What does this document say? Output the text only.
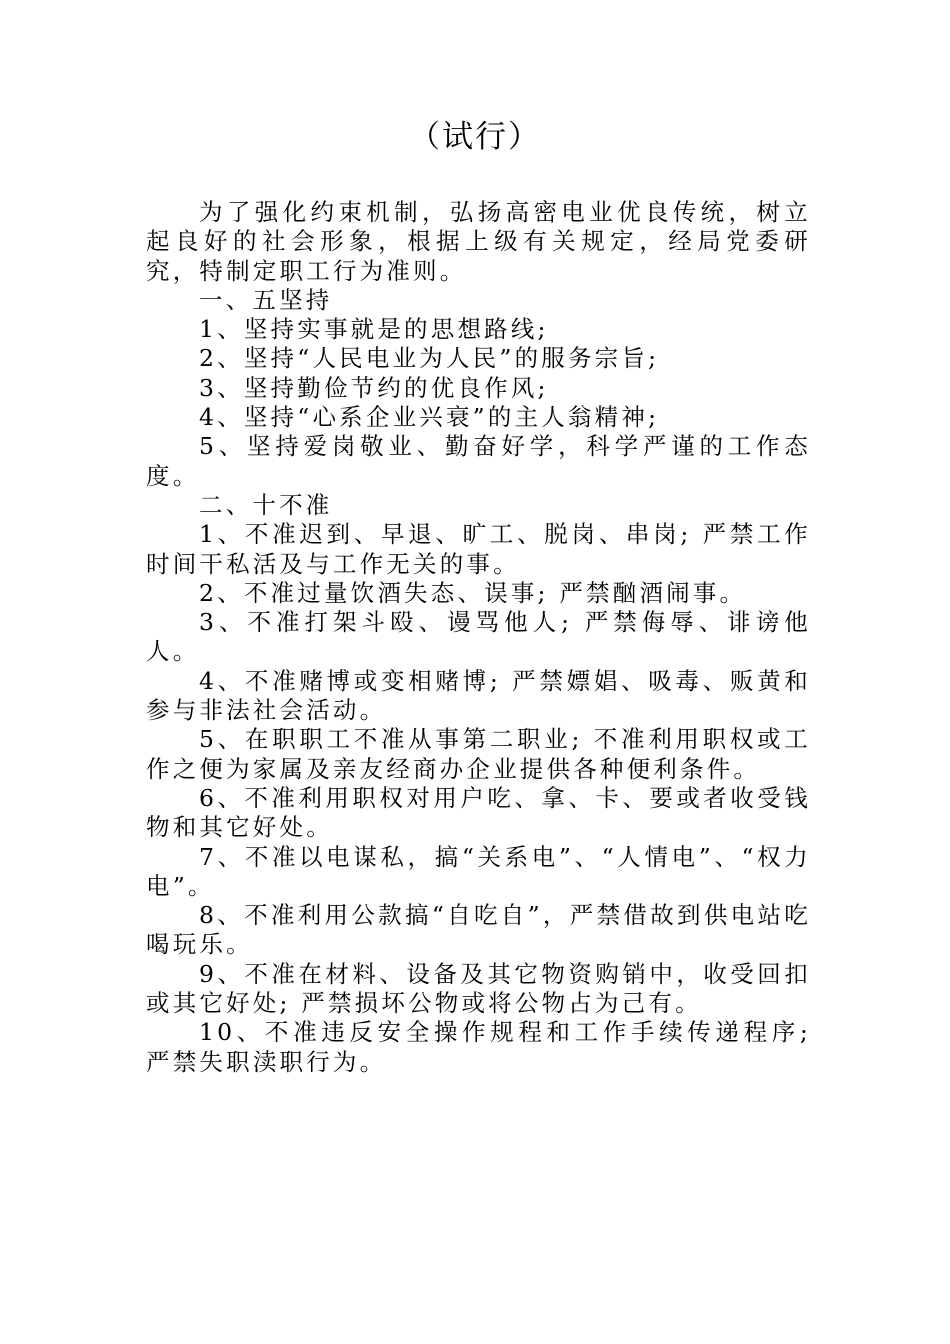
（试行）

为了强化约束机制，弘扬高密电业优良传统，树立起良好的社会形象，根据上级有关规定，经局党委研究，特制定职工行为准则。

一、五坚持

1、坚持实事就是的思想路线;

2、坚持“人民电业为人民”的服务宗旨;

3、坚持勤俭节约的优良作风;

4、坚持“心系企业兴衰”的主人翁精神;

5、坚持爱岗敬业、勤奋好学，科学严谨的工作态度。

二、十不准

1、不准迟到、早退、旷工、脱岗、串岗; 严禁工作时间干私活及与工作无关的事。

2、不准过量饮酒失态、误事; 严禁酗酒闹事。

3、不准打架斗殴、谩骂他人; 严禁侮辱、诽谤他人。

4、不准赌博或变相赌博; 严禁嫖娼、吸毒、贩黄和参与非法社会活动。

5、在职职工不准从事第二职业; 不准利用职权或工作之便为家属及亲友经商办企业提供各种便利条件。

6、不准利用职权对用户吃、拿、卡、要或者收受钱物和其它好处。

7、不准以电谋私，搞“关系电”、“人情电”、“权力电”。

8、不准利用公款搞“自吃自”，严禁借故到供电站吃喝玩乐。

9、不准在材料、设备及其它物资购销中，收受回扣或其它好处; 严禁损坏公物或将公物占为己有。

10、不准违反安全操作规程和工作手续传递程序; 严禁失职渎职行为。
